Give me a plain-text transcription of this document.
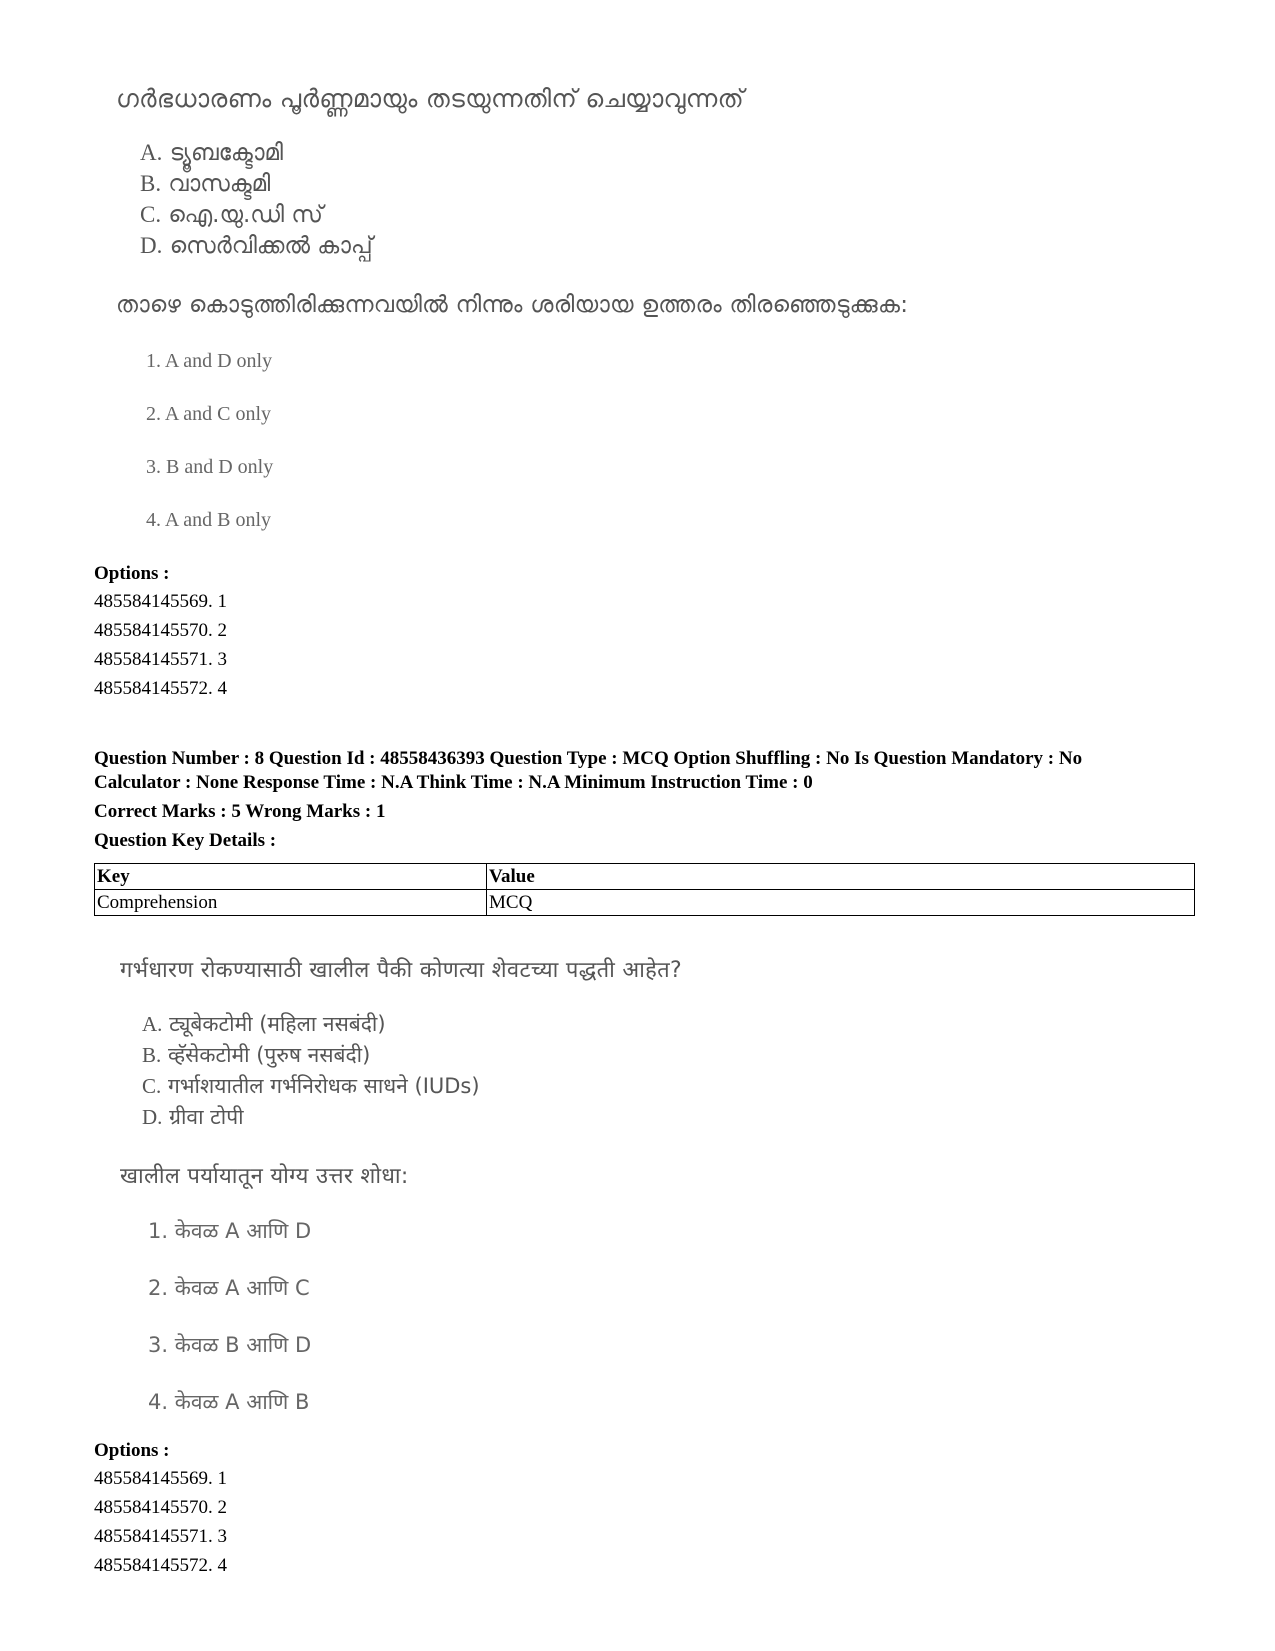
ഗർഭധാരണം പൂർണ്ണമായും തടയുന്നതിന് ചെയ്യാവുന്നത്
A. ട്യൂബക്ടോമി
B. വാസക്ടമി
C. ഐ.യു.ഡി സ്
D. സെർവിക്കൽ കാപ്പ്
താഴെ കൊടുത്തിരിക്കുന്നവയിൽ നിന്നും ശരിയായ ഉത്തരം തിരഞ്ഞെടുക്കുക:
1. A and D only
2. A and C only
3. B and D only
4. A and B only
Options :
485584145569. 1
485584145570. 2
485584145571. 3
485584145572. 4
Question Number : 8 Question Id : 48558436393 Question Type : MCQ Option Shuffling : No Is Question Mandatory : No
Calculator : None Response Time : N.A Think Time : N.A Minimum Instruction Time : 0
Correct Marks : 5 Wrong Marks : 1
Question Key Details :
Key	Value
Comprehension	MCQ
गर्भधारण रोकण्यासाठी खालील पैकी कोणत्या शेवटच्या पद्धती आहेत?
A. ट्यूबेकटोमी (महिला नसबंदी)
B. व्हॅसेकटोमी (पुरुष नसबंदी)
C. गर्भाशयातील गर्भनिरोधक साधने (IUDs)
D. ग्रीवा टोपी
खालील पर्यायातून योग्य उत्तर शोधा:
1. केवळ A आणि D
2. केवळ A आणि C
3. केवळ B आणि D
4. केवळ A आणि B
Options :
485584145569. 1
485584145570. 2
485584145571. 3
485584145572. 4
